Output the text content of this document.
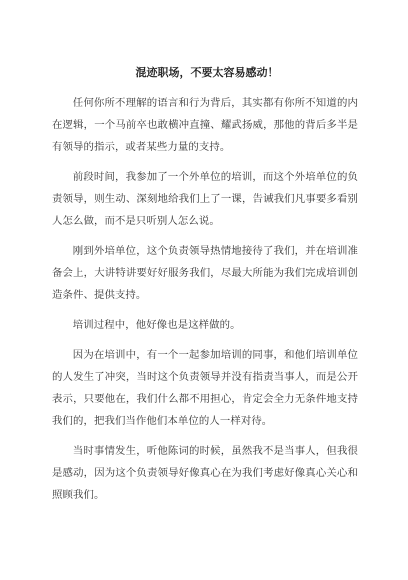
混迹职场，不要太容易感动！

任何你所不理解的语言和行为背后，其实都有你所不知道的内在逻辑，一个马前卒也敢横冲直撞、耀武扬威，那他的背后多半是有领导的指示，或者某些力量的支持。

前段时间，我参加了一个外单位的培训，而这个外培单位的负责领导，则生动、深刻地给我们上了一课，告诫我们凡事要多看别人怎么做，而不是只听别人怎么说。

刚到外培单位，这个负责领导热情地接待了我们，并在培训准备会上，大讲特讲要好好服务我们，尽最大所能为我们完成培训创造条件、提供支持。

培训过程中，他好像也是这样做的。

因为在培训中，有一个一起参加培训的同事，和他们培训单位的人发生了冲突，当时这个负责领导并没有指责当事人，而是公开表示，只要他在，我们什么都不用担心，肯定会全力无条件地支持我们的，把我们当作他们本单位的人一样对待。

当时事情发生，听他陈词的时候，虽然我不是当事人，但我很是感动，因为这个负责领导好像真心在为我们考虑好像真心关心和照顾我们。
